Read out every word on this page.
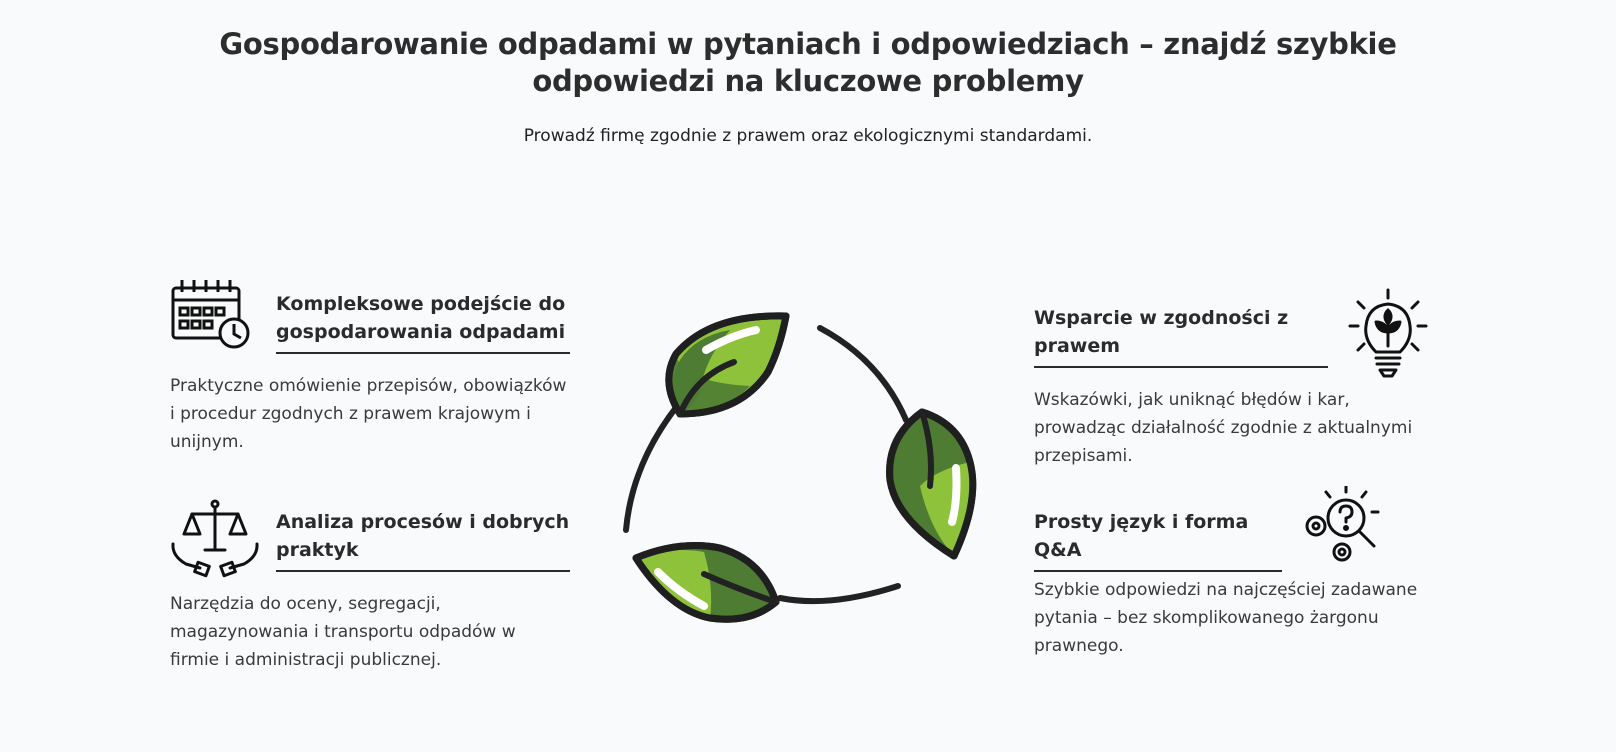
Gospodarowanie odpadami w pytaniach i odpowiedziach – znajdź szybkie odpowiedzi na kluczowe problemy

Prowadź firmę zgodnie z prawem oraz ekologicznymi standardami.

Kompleksowe podejście do gospodarowania odpadami

Praktyczne omówienie przepisów, obowiązków i procedur zgodnych z prawem krajowym i unijnym.

Analiza procesów i dobrych praktyk

Narzędzia do oceny, segregacji, magazynowania i transportu odpadów w firmie i administracji publicznej.

Wsparcie w zgodności z prawem

Wskazówki, jak uniknąć błędów i kar, prowadząc działalność zgodnie z aktualnymi przepisami.

Prosty język i forma Q&A

Szybkie odpowiedzi na najczęściej zadawane pytania – bez skomplikowanego żargonu prawnego.
